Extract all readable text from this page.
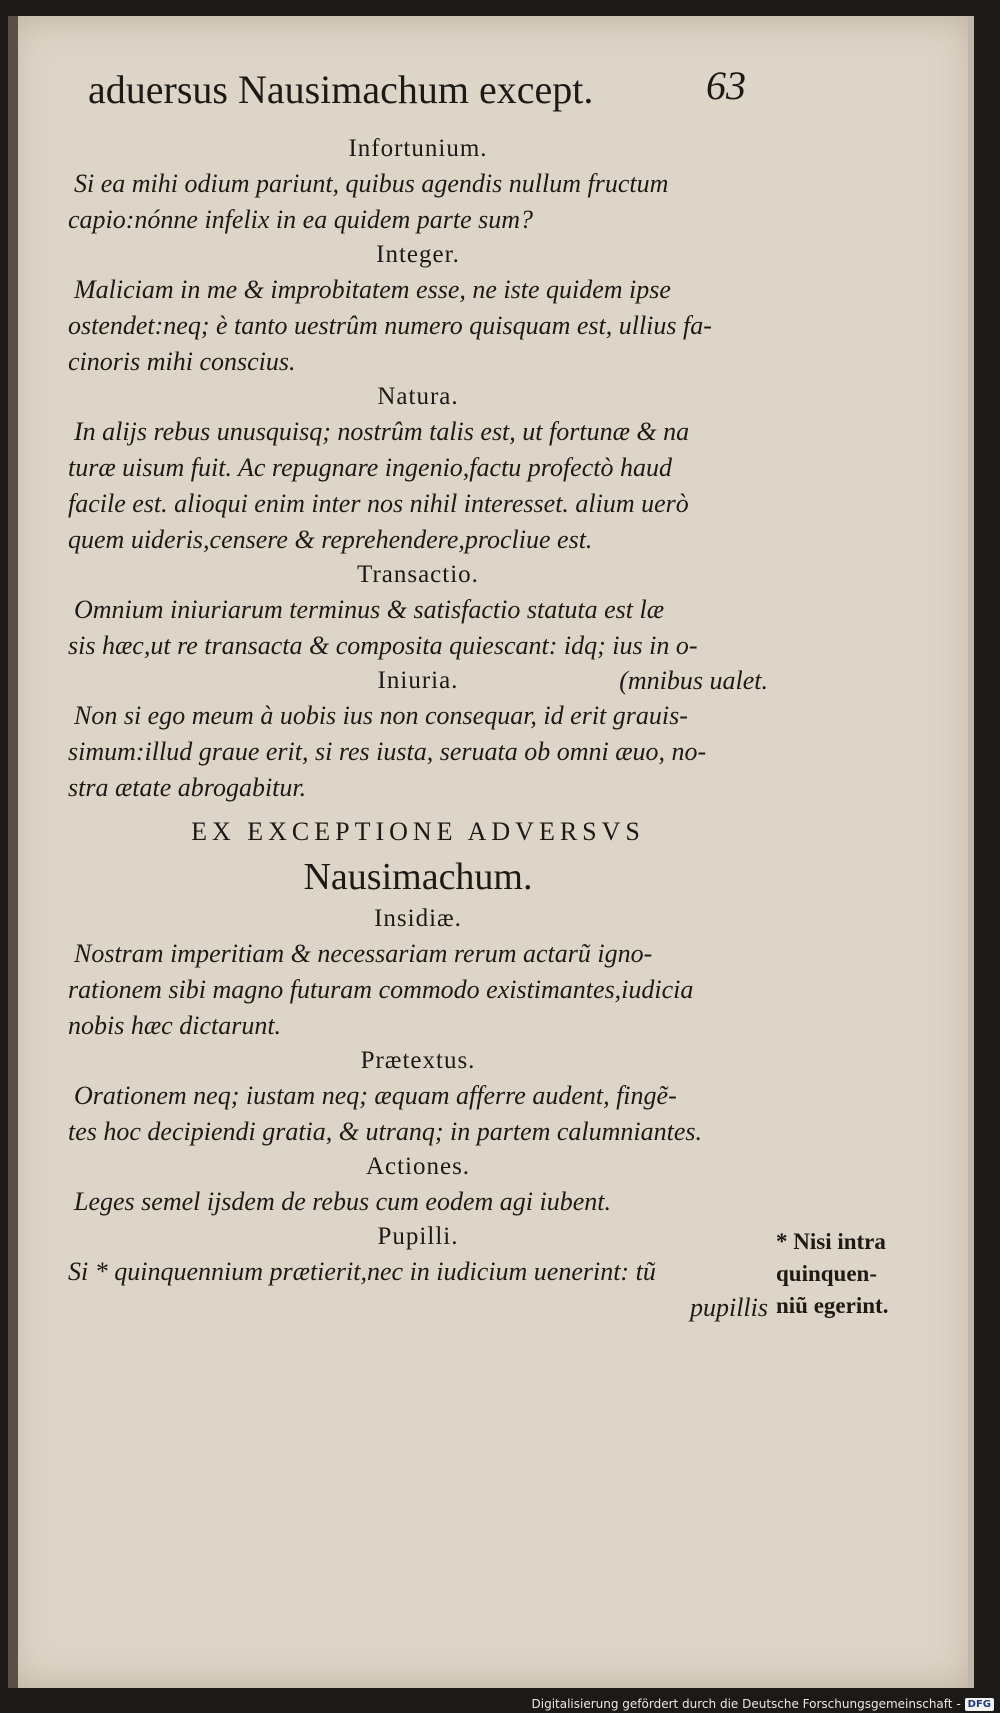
aduersus Nausimachum except.	63
Infortunium.
Si ea mihi odium pariunt, quibus agendis nullum fructum
capio:nónne infelix in ea quidem parte sum?
Integer.
Maliciam in me & improbitatem esse, ne iste quidem ipse
ostendet:neq; è tanto uestrûm numero quisquam est, ullius fa-
cinoris mihi conscius.
Natura.
In alijs rebus unusquisq; nostrûm talis est, ut fortunæ & na
turæ uisum fuit. Ac repugnare ingenio,factu profectò haud
facile est. alioqui enim inter nos nihil interesset. alium uerò
quem uideris,censere & reprehendere,procliue est.
Transactio.
Omnium iniuriarum terminus & satisfactio statuta est læ
sis hæc,ut re transacta & composita quiescant: idq; ius in o-
Iniuria.	(mnibus ualet.
Non si ego meum à uobis ius non consequar, id erit grauis-
simum:illud graue erit, si res iusta, seruata ob omni æuo, no-
stra ætate abrogabitur.
EX EXCEPTIONE ADVERSVS
Nausimachum.
Insidiæ.
Nostram imperitiam & necessariam rerum actarũ igno-
rationem sibi magno futuram commodo existimantes,iudicia
nobis hæc dictarunt.
Prætextus.
Orationem neq; iustam neq; æquam afferre audent, fingẽ-
tes hoc decipiendi gratia, & utranq; in partem calumniantes.
Actiones.
Leges semel ijsdem de rebus cum eodem agi iubent.
Pupilli.
Si * quinquennium prætierit,nec in iudicium uenerint: tũ
pupillis
* Nisi intra
quinquen-
niũ egerint.
Digitalisierung gefördert durch die Deutsche Forschungsgemeinschaft - DFG
